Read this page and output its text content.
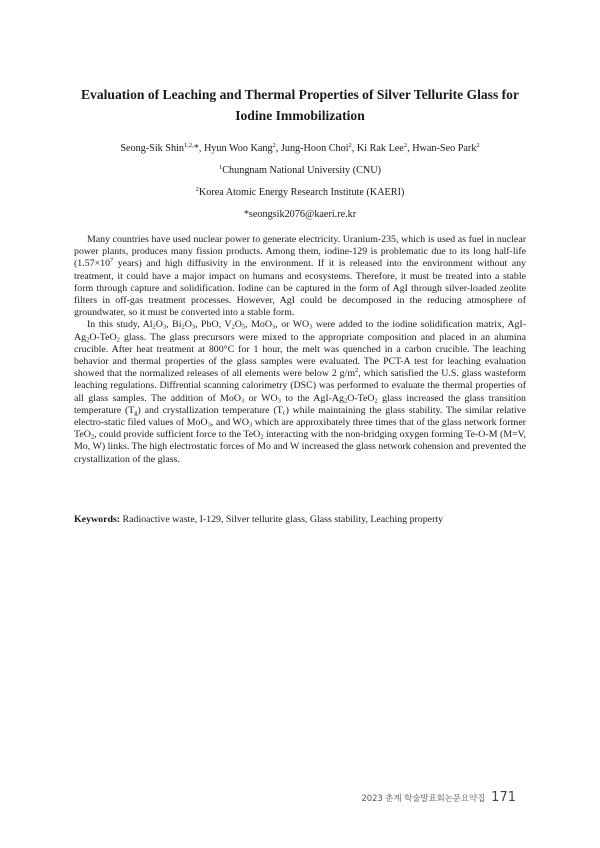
Evaluation of Leaching and Thermal Properties of Silver Tellurite Glass for
Iodine Immobilization
Seong-Sik Shin$^{1,2,}$*, Hyun Woo Kang$^2$, Jung-Hoon Choi$^2$, Ki Rak Lee$^2$, Hwan-Seo Park$^2$
$^1$Chungnam National University (CNU)
$^2$Korea Atomic Energy Research Institute (KAERI)
*seongsik2076@kaeri.re.kr

Many countries have used nuclear power to generate electricity. Uranium-235, which is used as fuel in nuclear power plants, produces many fission products. Among them, iodine-129 is problematic due to its long half-life ($1.57\times 10^7$ years) and high diffusivity in the environment. If it is released into the environment without any treatment, it could have a major impact on humans and ecosystems. Therefore, it must be treated into a stable form through capture and solidification. Iodine can be captured in the form of AgI through silver-loaded zeolite filters in off-gas treatment processes. However, AgI could be decomposed in the reducing atmosphere of groundwater, so it must be converted into a stable form.

In this study, $Al_2O_3$, $Bi_2O_3$, PbO, $V_2O_5$, MoO$_3$, or $WO_3$ were added to the iodine solidification matrix, AgI-$Ag_2O-TeO_2$ glass. The glass precursors were mixed to the appropriate composition and placed in an alumina crucible. After heat treatment at 800°C for 1 hour, the melt was quenched in a carbon crucible. The leaching behavior and thermal properties of the glass samples were evaluated. The PCT-A test for leaching evaluation showed that the normalized releases of all elements were below 2 $g/m^2$, which satisfied the U.S. glass wasteform leaching regulations. Diffrential scanning calorimetry (DSC) was performed to evaluate the thermal properties of all glass samples. The addition of MoO$_3$ or $WO_3$ to the AgI-$Ag_2O-TeO_2$ glass increased the glass transition temperature $(T_g)$ and crystallization temperature $(T_c)$ while maintaining the glass stability. The similar relative electro-static filed values of MoO$_3$, and $WO_3$ which are approxibately three times that of the glass network former TeO$_2$, could provide sufficient force to the TeO$_2$ interacting with the non-bridging oxygen forming Te-O-M (M=V, Mo, W) links. The high electrostatic forces of Mo and W increased the glass network cohension and prevented the crystallization of the glass.

Keywords: Radioactive waste, I-129, Silver tellurite glass, Glass stability, Leaching property
2023 춘계 학술발표회논문요약집 171
